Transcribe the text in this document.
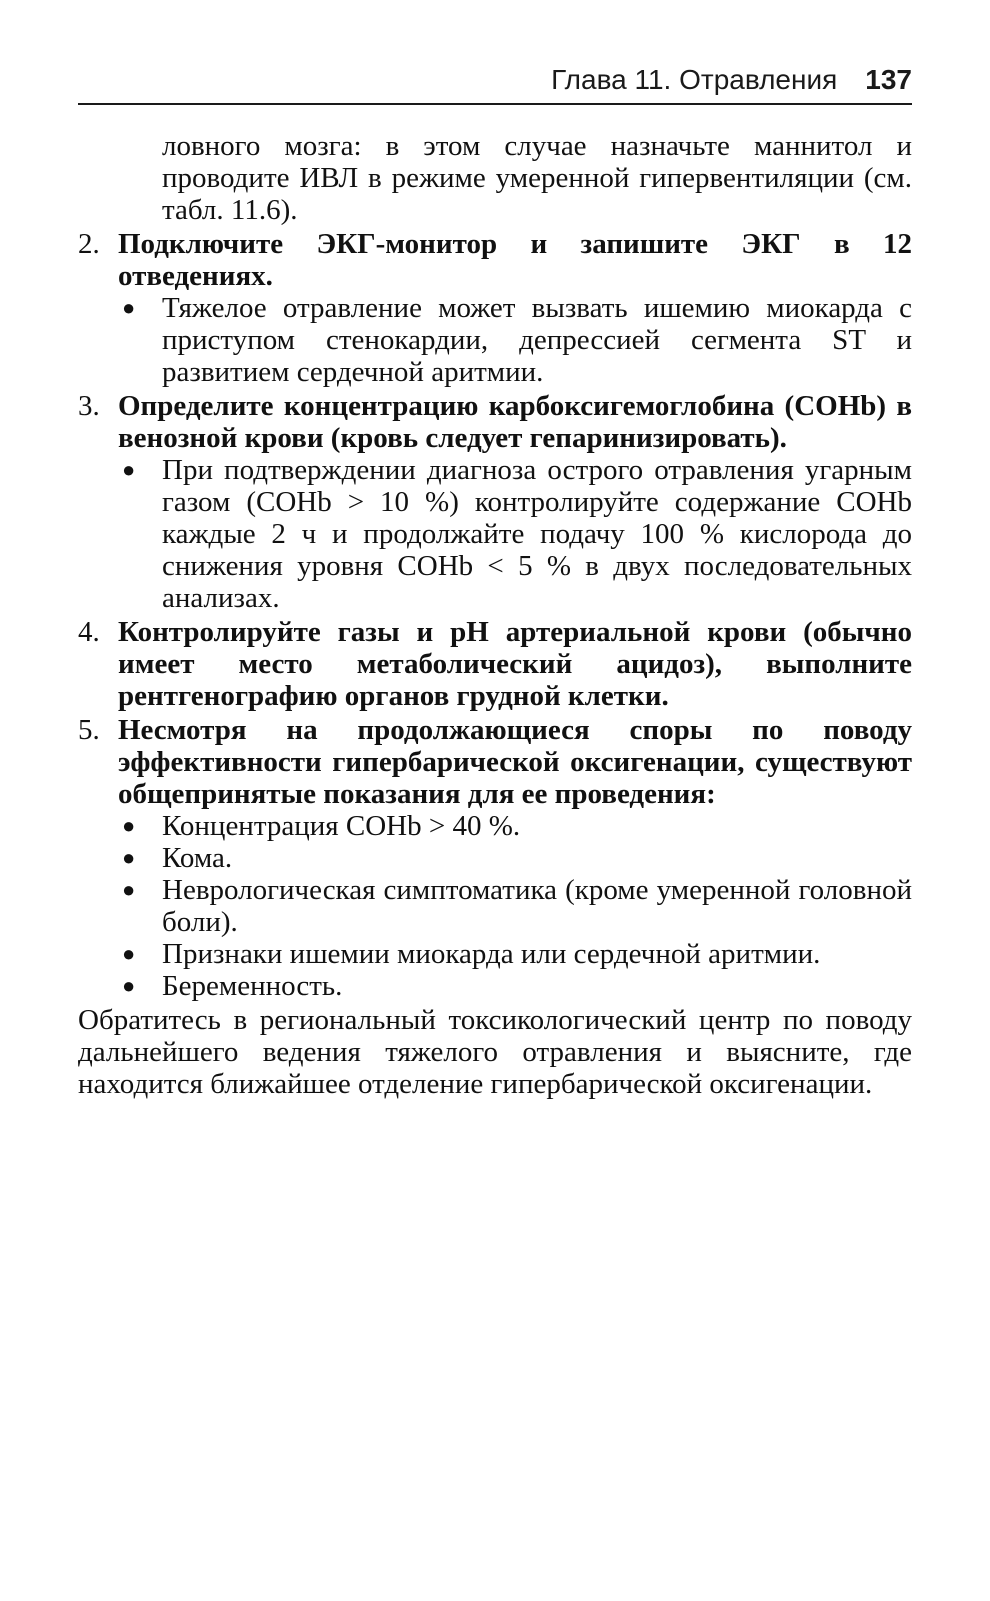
Глава 11. Отравления 137
ловного мозга: в этом случае назначьте маннитол и проводите ИВЛ в режиме умеренной гипервентиляции (см. табл. 11.6).
2. Подключите ЭКГ-монитор и запишите ЭКГ в 12 отведениях.
● Тяжелое отравление может вызвать ишемию миокарда с приступом стенокардии, депрессией сегмента ST и развитием сердечной аритмии.
3. Определите концентрацию карбоксигемоглобина (COHb) в венозной крови (кровь следует гепаринизировать).
● При подтверждении диагноза острого отравления угарным газом (COHb > 10 %) контролируйте содержание COHb каждые 2 ч и продолжайте подачу 100 % кислорода до снижения уровня COHb < 5 % в двух последовательных анализах.
4. Контролируйте газы и pH артериальной крови (обычно имеет место метаболический ацидоз), выполните рентгенографию органов грудной клетки.
5. Несмотря на продолжающиеся споры по поводу эффективности гипербарической оксигенации, существуют общепринятые показания для ее проведения:
● Концентрация COHb > 40 %.
● Кома.
● Неврологическая симптоматика (кроме умеренной головной боли).
● Признаки ишемии миокарда или сердечной аритмии.
● Беременность.
Обратитесь в региональный токсикологический центр по поводу дальнейшего ведения тяжелого отравления и выясните, где находится ближайшее отделение гипербарической оксигенации.
